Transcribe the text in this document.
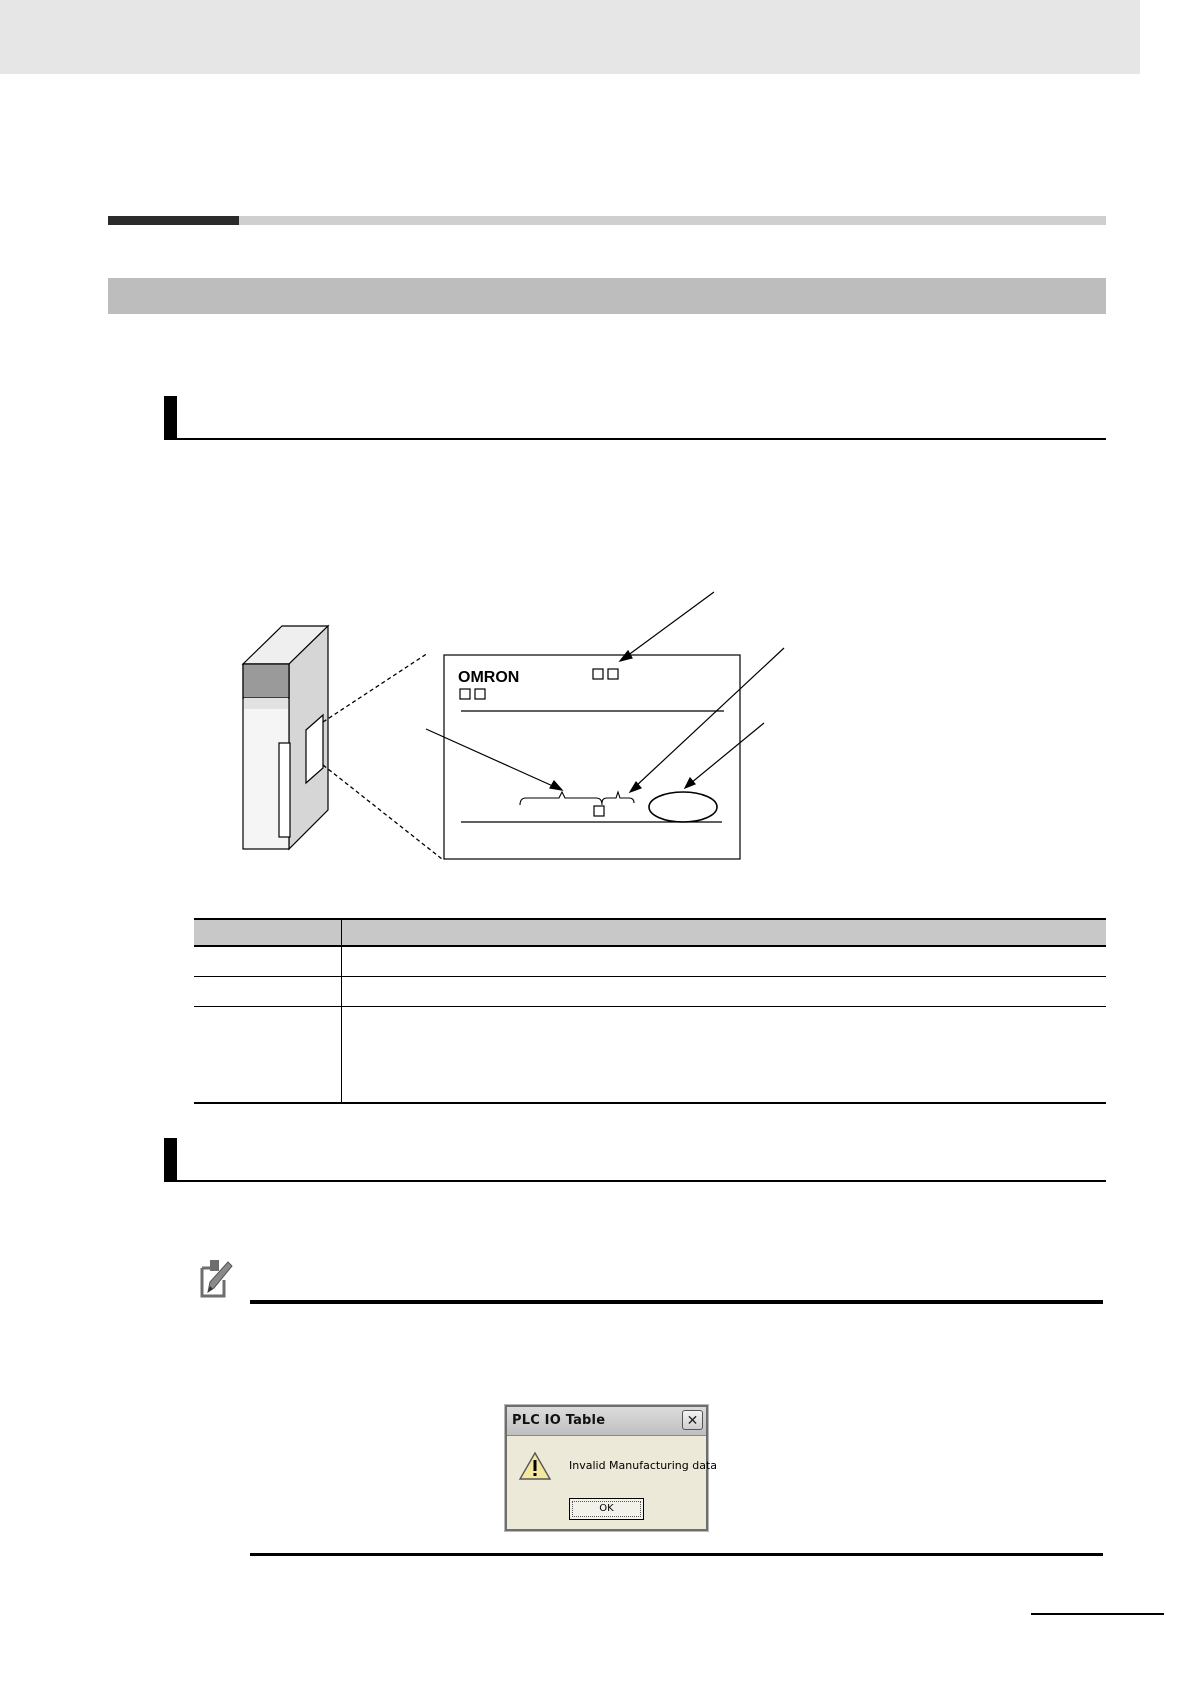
OMRON
PLC IO Table	✕
Invalid Manufacturing data
OK
